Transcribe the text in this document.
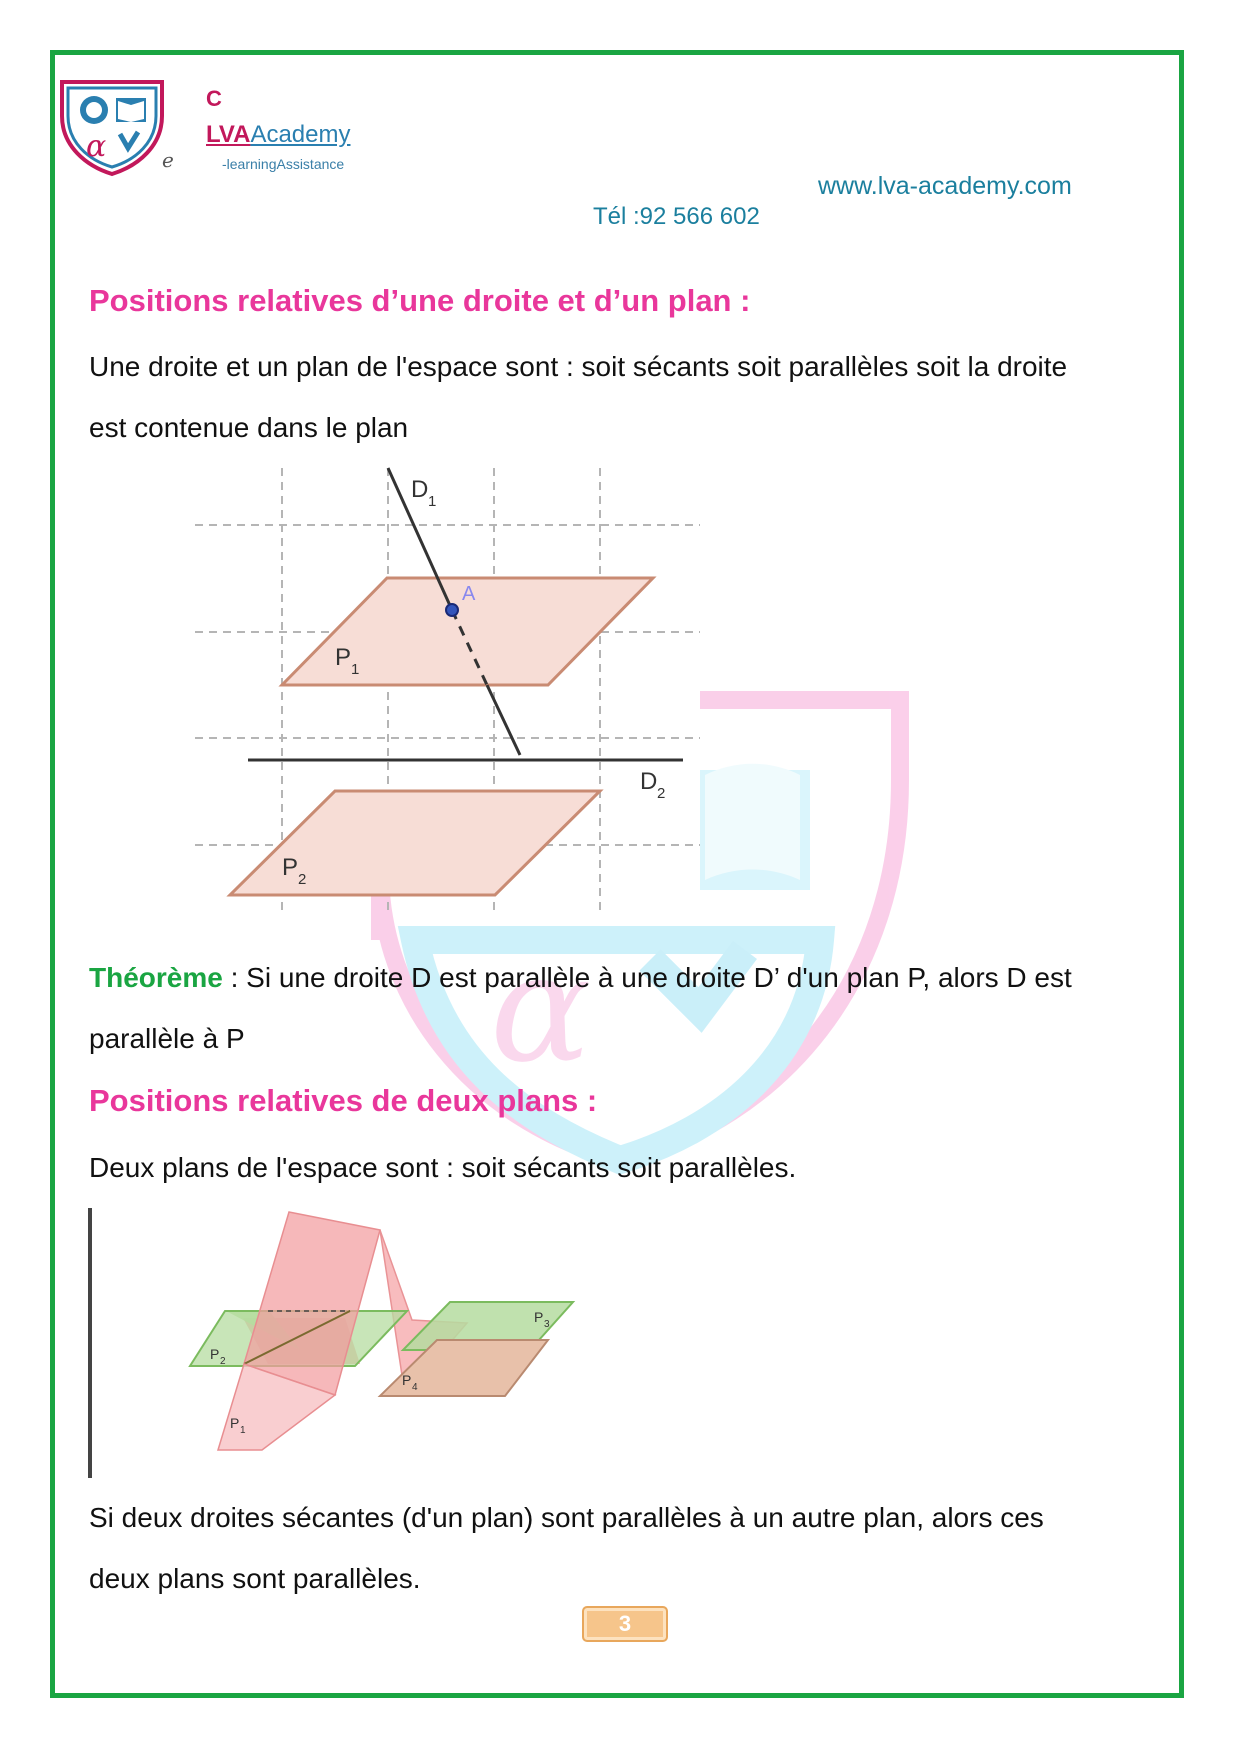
α
α
C
LVAAcademy
-learningAssistance
e
www.lva-academy.com
Tél :92 566 602
Positions relatives d’une droite et d’un plan :
Une droite et un plan de l'espace sont : soit sécants soit parallèles soit la droite
est contenue dans le plan
D 1
A
P 1
D 2
P 2
Théorème : Si une droite D est parallèle à une droite D’ d'un plan P, alors D est
parallèle à P
Positions relatives de deux plans :
Deux plans de l'espace sont : soit sécants soit parallèles.
P 2
P 1
P 3
P 4
Si deux droites sécantes (d'un plan) sont parallèles à un autre plan, alors ces
deux plans sont parallèles.
3
